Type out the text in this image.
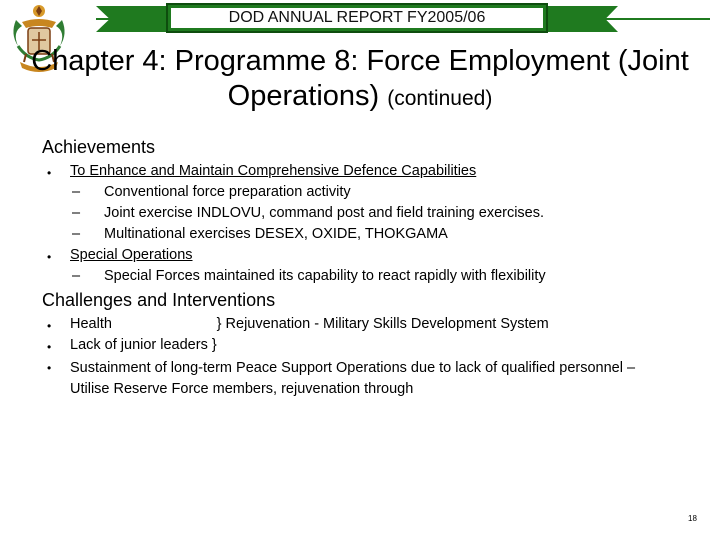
DOD ANNUAL REPORT FY2005/06
Chapter 4: Programme 8: Force Employment (Joint Operations) (continued)
Achievements
• To Enhance and Maintain Comprehensive Defence Capabilities
– Conventional force preparation activity
– Joint exercise INDLOVU, command post and field training exercises.
– Multinational exercises DESEX, OXIDE, THOKGAMA
• Special Operations
– Special Forces maintained its capability to react rapidly with flexibility
Challenges and Interventions
• Health                          } Rejuvenation - Military Skills Development System
• Lack of junior leaders }
• Sustainment of long-term Peace Support Operations due to lack of qualified personnel – Utilise Reserve Force members, rejuvenation through
18
